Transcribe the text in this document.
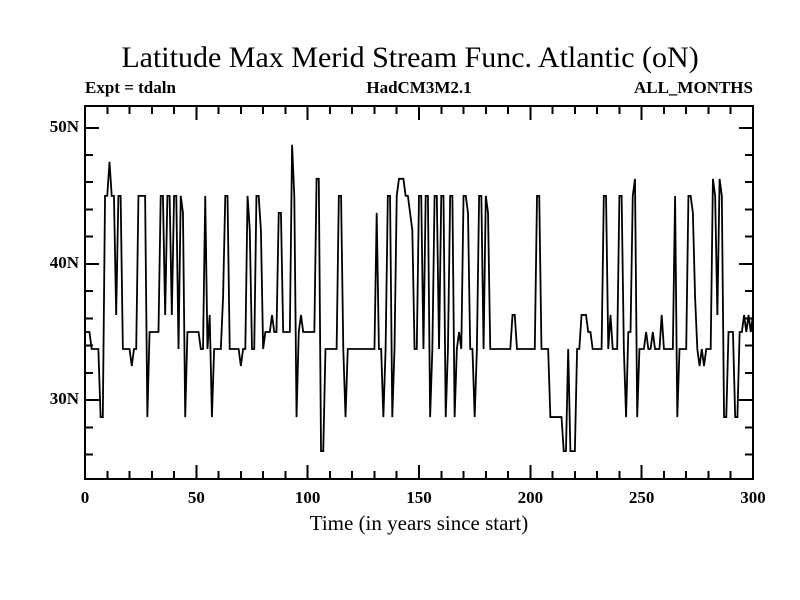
Latitude Max Merid Stream Func. Atlantic (oN)
Expt = tdaln	HadCM3M2.1	ALL_MONTHS
30N
40N
50N
0	50	100	150	200	250	300
Time (in years since start)
